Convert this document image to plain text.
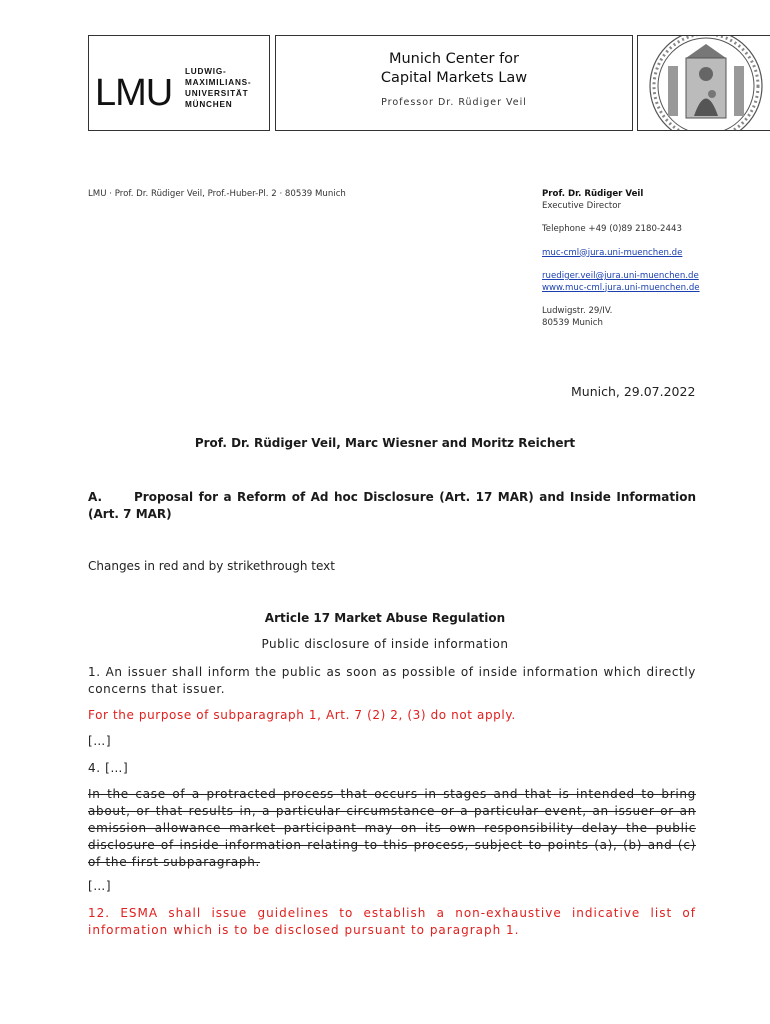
LMU
LUDWIG-
MAXIMILIANS-
UNIVERSITÄT
MÜNCHEN
Munich Center for
Capital Markets Law
Professor Dr. Rüdiger Veil
LMU · Prof. Dr. Rüdiger Veil, Prof.-Huber-Pl. 2 · 80539 Munich	Prof. Dr. Rüdiger Veil
Executive Director
Telephone +49 (0)89 2180-2443
muc-cml@jura.uni-muenchen.de
ruediger.veil@jura.uni-muenchen.de
www.muc-cml.jura.uni-muenchen.de
Ludwigstr. 29/IV.
80539 Munich
Munich, 29.07.2022
Prof. Dr. Rüdiger Veil, Marc Wiesner and Moritz Reichert
A.	Proposal for a Reform of Ad hoc Disclosure (Art. 17 MAR) and Inside Information (Art. 7 MAR)
Changes in red and by strikethrough text
Article 17 Market Abuse Regulation
Public disclosure of inside information
1. An issuer shall inform the public as soon as possible of inside information which directly concerns that issuer.
For the purpose of subparagraph 1, Art. 7 (2) 2, (3) do not apply.
[…]
4. […]
In the case of a protracted process that occurs in stages and that is intended to bring about, or that results in, a particular circumstance or a particular event, an issuer or an emission allowance market participant may on its own responsibility delay the public disclosure of inside information relating to this process, subject to points (a), (b) and (c) of the first subparagraph.
[…]
12. ESMA shall issue guidelines to establish a non-exhaustive indicative list of information which is to be disclosed pursuant to paragraph 1.
